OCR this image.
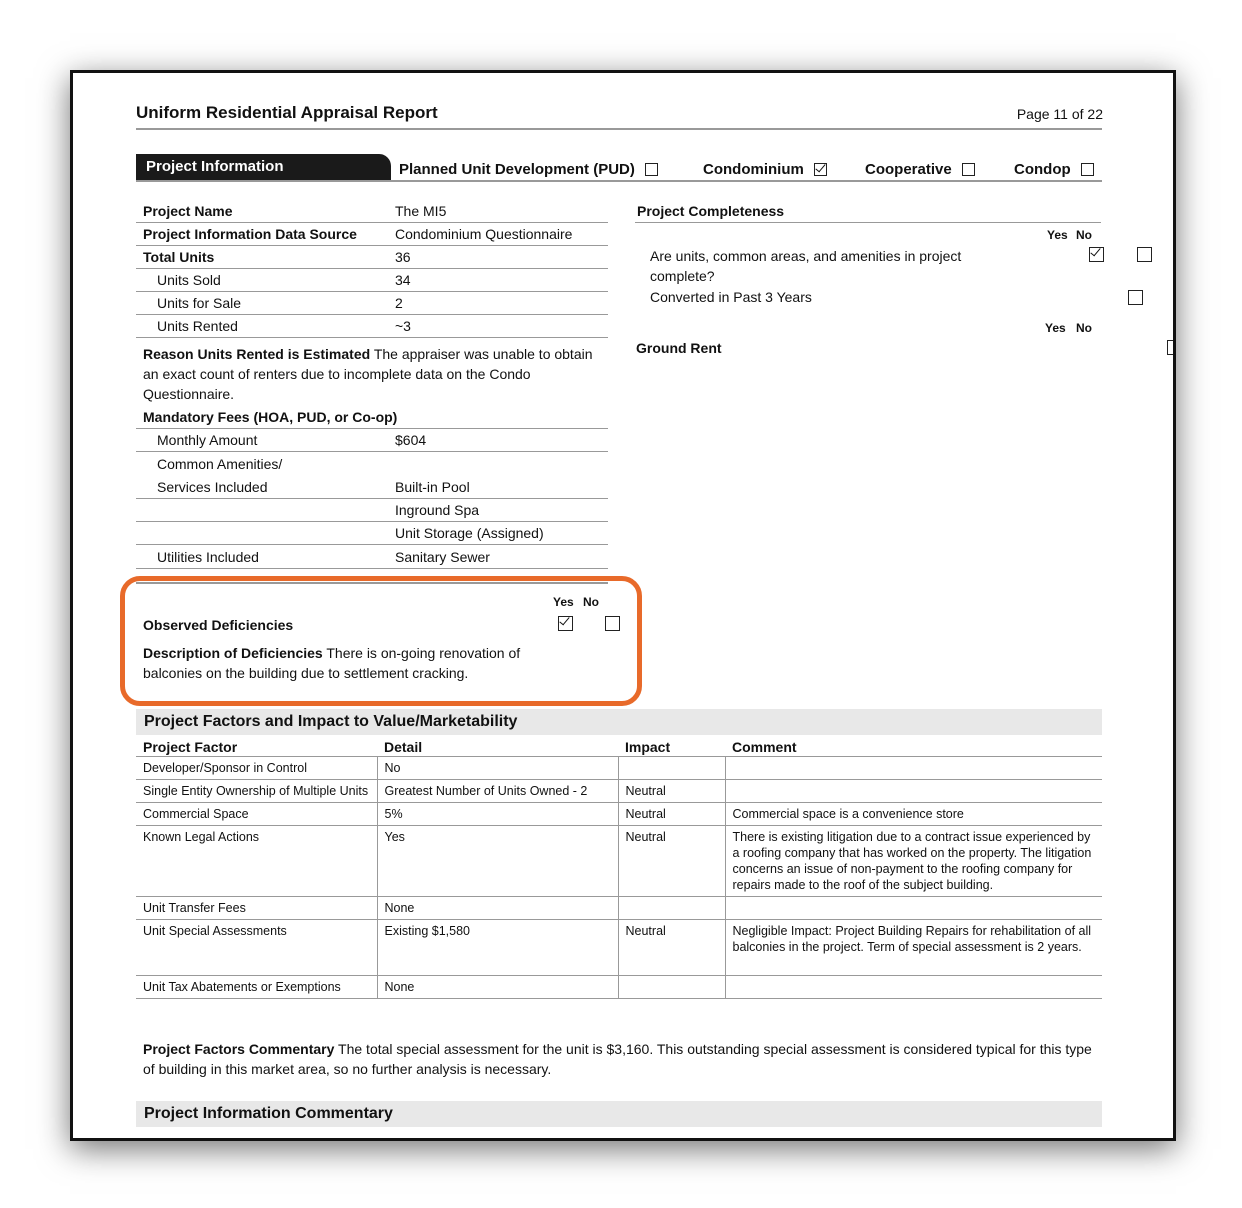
Uniform Residential Appraisal Report	Page 11 of 22
Project Information	Planned Unit Development (PUD)	Condominium	Cooperative	Condop
Project Name	The MI5
Project Information Data Source	Condominium Questionnaire
Total Units	36
Units Sold	34
Units for Sale	2
Units Rented	~3
Reason Units Rented is Estimated The appraiser was unable to obtain an exact count of renters due to incomplete data on the Condo Questionnaire.
Mandatory Fees (HOA, PUD, or Co-op)
Monthly Amount	$604
Common Amenities/
Services Included	Built-in Pool
Inground Spa
Unit Storage (Assigned)
Utilities Included	Sanitary Sewer
Yes No
Observed Deficiencies

Description of Deficiencies There is on-going renovation of balconies on the building due to settlement cracking.
Project Completeness
Yes No
Are units, common areas, and amenities in project complete?

Converted in Past 3 Years

Yes No
Ground Rent

Project Factors and Impact to Value/Marketability
Project Factor	Detail	Impact	Comment
Developer/Sponsor in Control	No		
Single Entity Ownership of Multiple Units	Greatest Number of Units Owned - 2	Neutral	
Commercial Space	5%	Neutral	Commercial space is a convenience store
Known Legal Actions	Yes	Neutral	There is existing litigation due to a contract issue experienced by a roofing company that has worked on the property. The litigation concerns an issue of non-payment to the roofing company for repairs made to the roof of the subject building.
Unit Transfer Fees	None		
Unit Special Assessments	Existing $1,580	Neutral	Negligible Impact: Project Building Repairs for rehabilitation of all balconies in the project. Term of special assessment is 2 years.
Unit Tax Abatements or Exemptions	None		
Project Factors Commentary The total special assessment for the unit is $3,160. This outstanding special assessment is considered typical for this type of building in this market area, so no further analysis is necessary.
Project Information Commentary
